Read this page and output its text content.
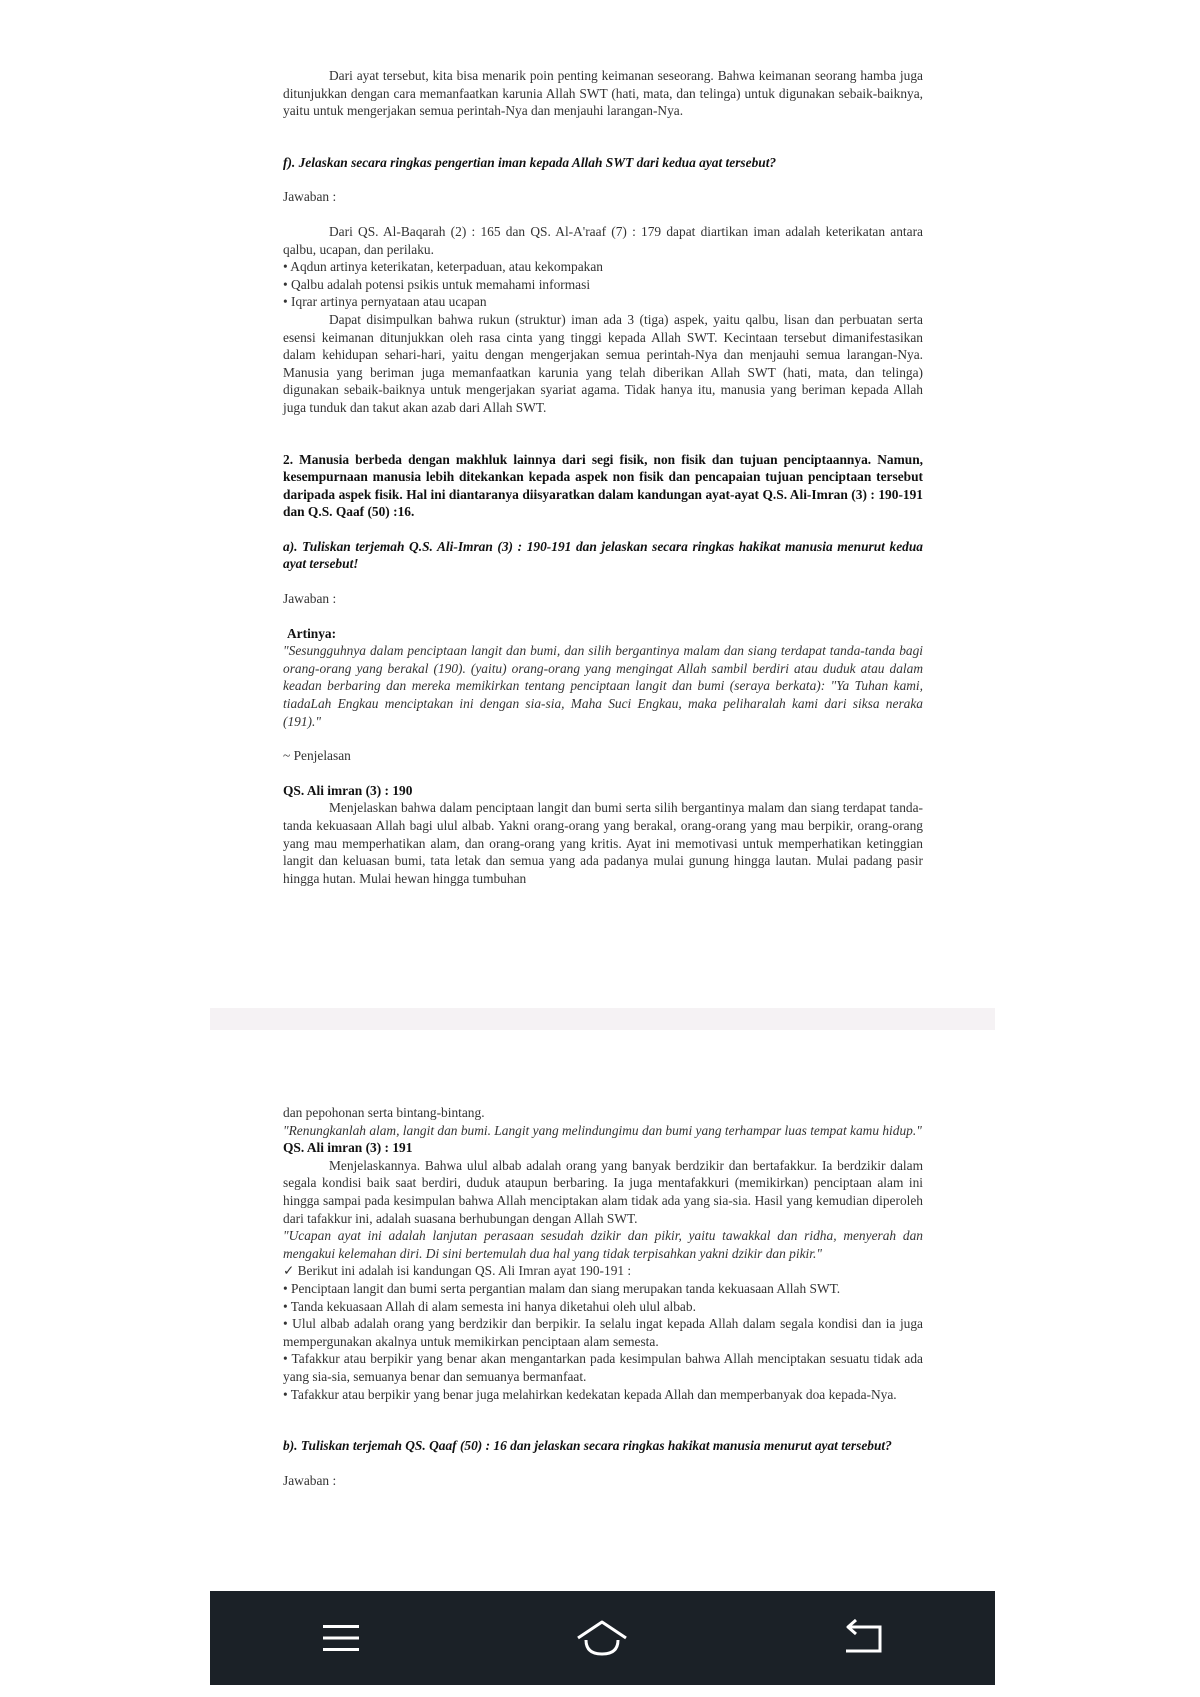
Dari ayat tersebut, kita bisa menarik poin penting keimanan seseorang. Bahwa keimanan seorang hamba juga ditunjukkan dengan cara memanfaatkan karunia Allah SWT (hati, mata, dan telinga) untuk digunakan sebaik-baiknya, yaitu untuk mengerjakan semua perintah-Nya dan menjauhi larangan-Nya.

f). Jelaskan secara ringkas pengertian iman kepada Allah SWT dari kedua ayat tersebut?

Jawaban :

Dari QS. Al-Baqarah (2) : 165 dan QS. Al-A'raaf (7) : 179 dapat diartikan iman adalah keterikatan antara qalbu, ucapan, dan perilaku.

• Aqdun artinya keterikatan, keterpaduan, atau kekompakan

• Qalbu adalah potensi psikis untuk memahami informasi

• Iqrar artinya pernyataan atau ucapan

Dapat disimpulkan bahwa rukun (struktur) iman ada 3 (tiga) aspek, yaitu qalbu, lisan dan perbuatan serta esensi keimanan ditunjukkan oleh rasa cinta yang tinggi kepada Allah SWT. Kecintaan tersebut dimanifestasikan dalam kehidupan sehari-hari, yaitu dengan mengerjakan semua perintah-Nya dan menjauhi semua larangan-Nya. Manusia yang beriman juga memanfaatkan karunia yang telah diberikan Allah SWT (hati, mata, dan telinga) digunakan sebaik-baiknya untuk mengerjakan syariat agama. Tidak hanya itu, manusia yang beriman kepada Allah juga tunduk dan takut akan azab dari Allah SWT.

2. Manusia berbeda dengan makhluk lainnya dari segi fisik, non fisik dan tujuan penciptaannya. Namun, kesempurnaan manusia lebih ditekankan kepada aspek non fisik dan pencapaian tujuan penciptaan tersebut daripada aspek fisik. Hal ini diantaranya diisyaratkan dalam kandungan ayat-ayat Q.S. Ali-Imran (3) : 190-191 dan Q.S. Qaaf (50) :16.

a). Tuliskan terjemah Q.S. Ali-Imran (3) : 190-191 dan jelaskan secara ringkas hakikat manusia menurut kedua ayat tersebut!

Jawaban :

Artinya:

"Sesungguhnya dalam penciptaan langit dan bumi, dan silih bergantinya malam dan siang terdapat tanda-tanda bagi orang-orang yang berakal (190). (yaitu) orang-orang yang mengingat Allah sambil berdiri atau duduk atau dalam keadan berbaring dan mereka memikirkan tentang penciptaan langit dan bumi (seraya berkata): "Ya Tuhan kami, tiadaLah Engkau menciptakan ini dengan sia-sia, Maha Suci Engkau, maka peliharalah kami dari siksa neraka (191)."

~ Penjelasan

QS. Ali imran (3) : 190

Menjelaskan bahwa dalam penciptaan langit dan bumi serta silih bergantinya malam dan siang terdapat tanda-tanda kekuasaan Allah bagi ulul albab. Yakni orang-orang yang berakal, orang-orang yang mau berpikir, orang-orang yang mau memperhatikan alam, dan orang-orang yang kritis. Ayat ini memotivasi untuk memperhatikan ketinggian langit dan keluasan bumi, tata letak dan semua yang ada padanya mulai gunung hingga lautan. Mulai padang pasir hingga hutan. Mulai hewan hingga tumbuhan

dan pepohonan serta bintang-bintang.

"Renungkanlah alam, langit dan bumi. Langit yang melindungimu dan bumi yang terhampar luas tempat kamu hidup."

QS. Ali imran (3) : 191

Menjelaskannya. Bahwa ulul albab adalah orang yang banyak berdzikir dan bertafakkur. Ia berdzikir dalam segala kondisi baik saat berdiri, duduk ataupun berbaring. Ia juga mentafakkuri (memikirkan) penciptaan alam ini hingga sampai pada kesimpulan bahwa Allah menciptakan alam tidak ada yang sia-sia. Hasil yang kemudian diperoleh dari tafakkur ini, adalah suasana berhubungan dengan Allah SWT.

"Ucapan ayat ini adalah lanjutan perasaan sesudah dzikir dan pikir, yaitu tawakkal dan ridha, menyerah dan mengakui kelemahan diri. Di sini bertemulah dua hal yang tidak terpisahkan yakni dzikir dan pikir."

✓ Berikut ini adalah isi kandungan QS. Ali Imran ayat 190-191 :

• Penciptaan langit dan bumi serta pergantian malam dan siang merupakan tanda kekuasaan Allah SWT.

• Tanda kekuasaan Allah di alam semesta ini hanya diketahui oleh ulul albab.

• Ulul albab adalah orang yang berdzikir dan berpikir. Ia selalu ingat kepada Allah dalam segala kondisi dan ia juga mempergunakan akalnya untuk memikirkan penciptaan alam semesta.

• Tafakkur atau berpikir yang benar akan mengantarkan pada kesimpulan bahwa Allah menciptakan sesuatu tidak ada yang sia-sia, semuanya benar dan semuanya bermanfaat.

• Tafakkur atau berpikir yang benar juga melahirkan kedekatan kepada Allah dan memperbanyak doa kepada-Nya.

b). Tuliskan terjemah QS. Qaaf (50) : 16 dan jelaskan secara ringkas hakikat manusia menurut ayat tersebut?

Jawaban :
